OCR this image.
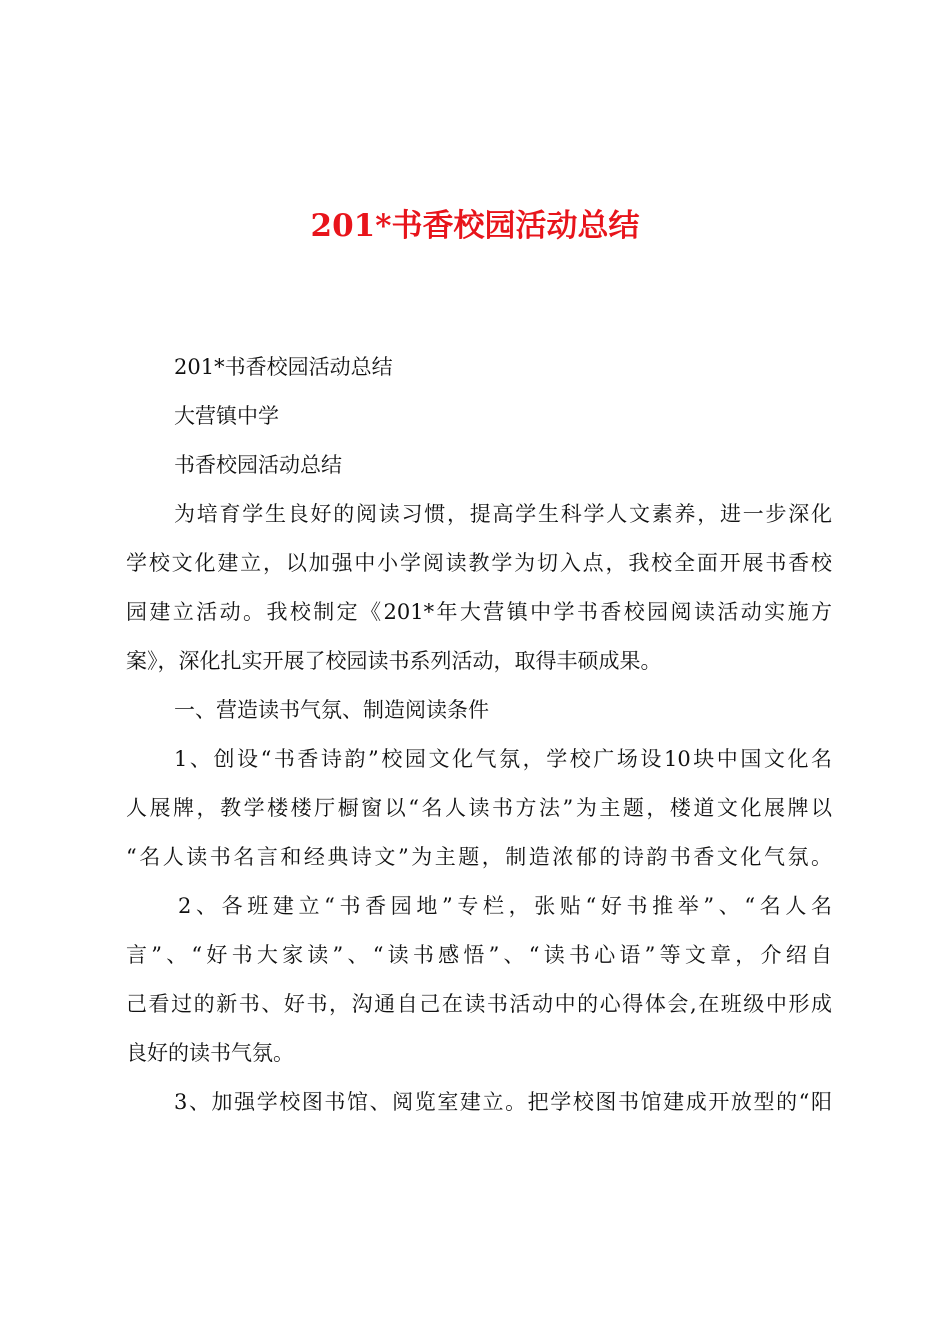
201*书香校园活动总结
201*书香校园活动总结
大营镇中学
书香校园活动总结
为培育学生良好的阅读习惯，提高学生科学人文素养，进一步深化
学校文化建立，以加强中小学阅读教学为切入点，我校全面开展书香校
园建立活动。我校制定《201*年大营镇中学书香校园阅读活动实施方
案》，深化扎实开展了校园读书系列活动，取得丰硕成果。
一、营造读书气氛、制造阅读条件
1、创设“书香诗韵”校园文化气氛，学校广场设10块中国文化名
人展牌，教学楼楼厅橱窗以“名人读书方法”为主题，楼道文化展牌以
“名人读书名言和经典诗文”为主题，制造浓郁的诗韵书香文化气氛。
2、各班建立“书香园地”专栏，张贴“好书推举”、“名人名
言”、“好书大家读”、“读书感悟”、“读书心语”等文章，介绍自
己看过的新书、好书，沟通自己在读书活动中的心得体会,在班级中形成
良好的读书气氛。
3、加强学校图书馆、阅览室建立。把学校图书馆建成开放型的“阳
